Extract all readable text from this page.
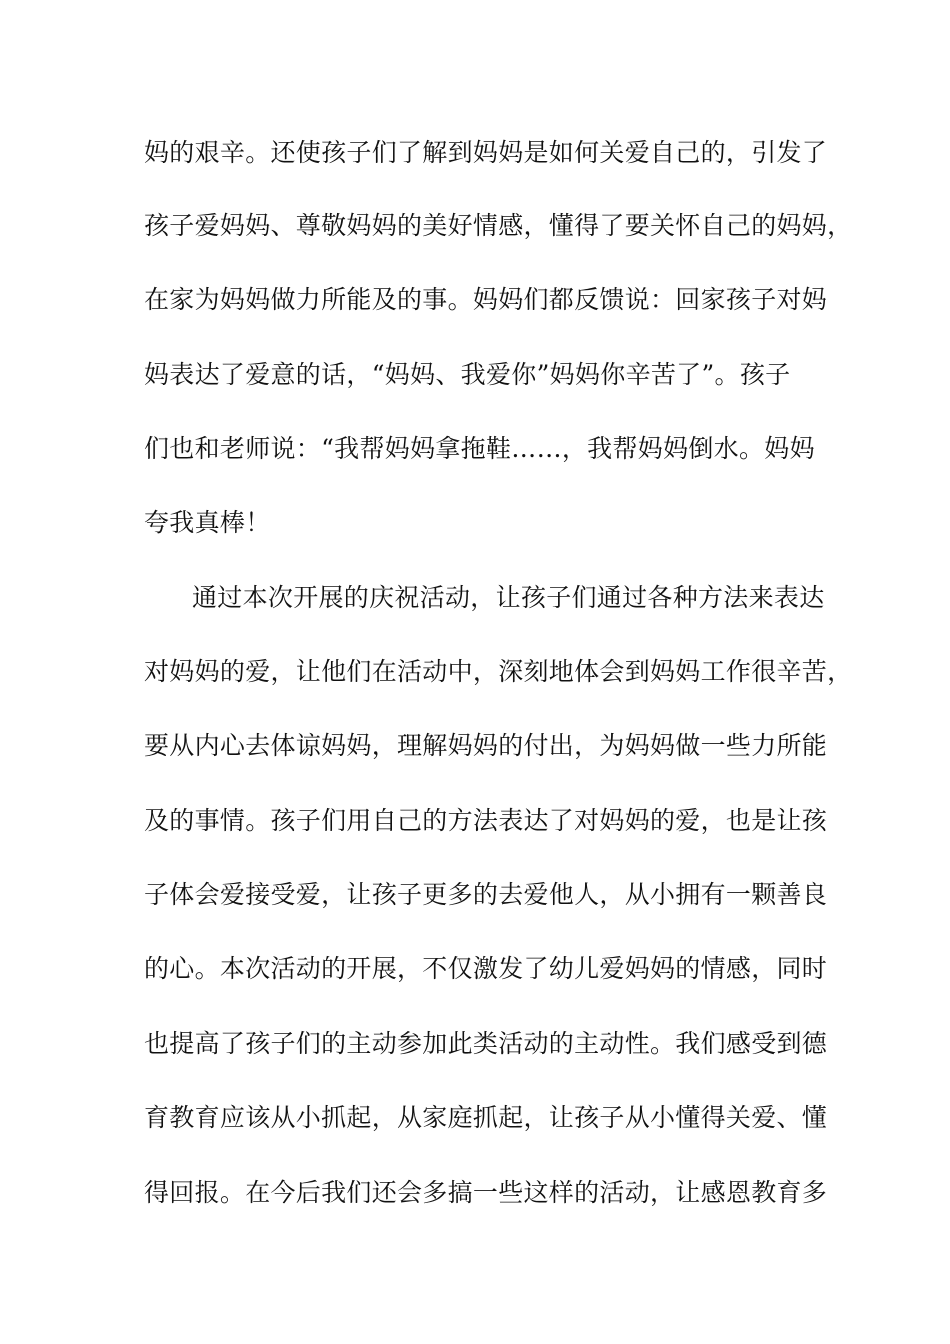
妈的艰辛。还使孩子们了解到妈妈是如何关爱自己的，引发了
孩子爱妈妈、尊敬妈妈的美好情感，懂得了要关怀自己的妈妈，
在家为妈妈做力所能及的事。妈妈们都反馈说：回家孩子对妈
妈表达了爱意的话，“妈妈、我爱你”妈妈你辛苦了”。孩子
们也和老师说：“我帮妈妈拿拖鞋……，我帮妈妈倒水。妈妈
夸我真棒！
通过本次开展的庆祝活动，让孩子们通过各种方法来表达
对妈妈的爱，让他们在活动中，深刻地体会到妈妈工作很辛苦，
要从内心去体谅妈妈，理解妈妈的付出，为妈妈做一些力所能
及的事情。孩子们用自己的方法表达了对妈妈的爱，也是让孩
子体会爱接受爱，让孩子更多的去爱他人，从小拥有一颗善良
的心。本次活动的开展，不仅激发了幼儿爱妈妈的情感，同时
也提高了孩子们的主动参加此类活动的主动性。我们感受到德
育教育应该从小抓起，从家庭抓起，让孩子从小懂得关爱、懂
得回报。在今后我们还会多搞一些这样的活动，让感恩教育多
